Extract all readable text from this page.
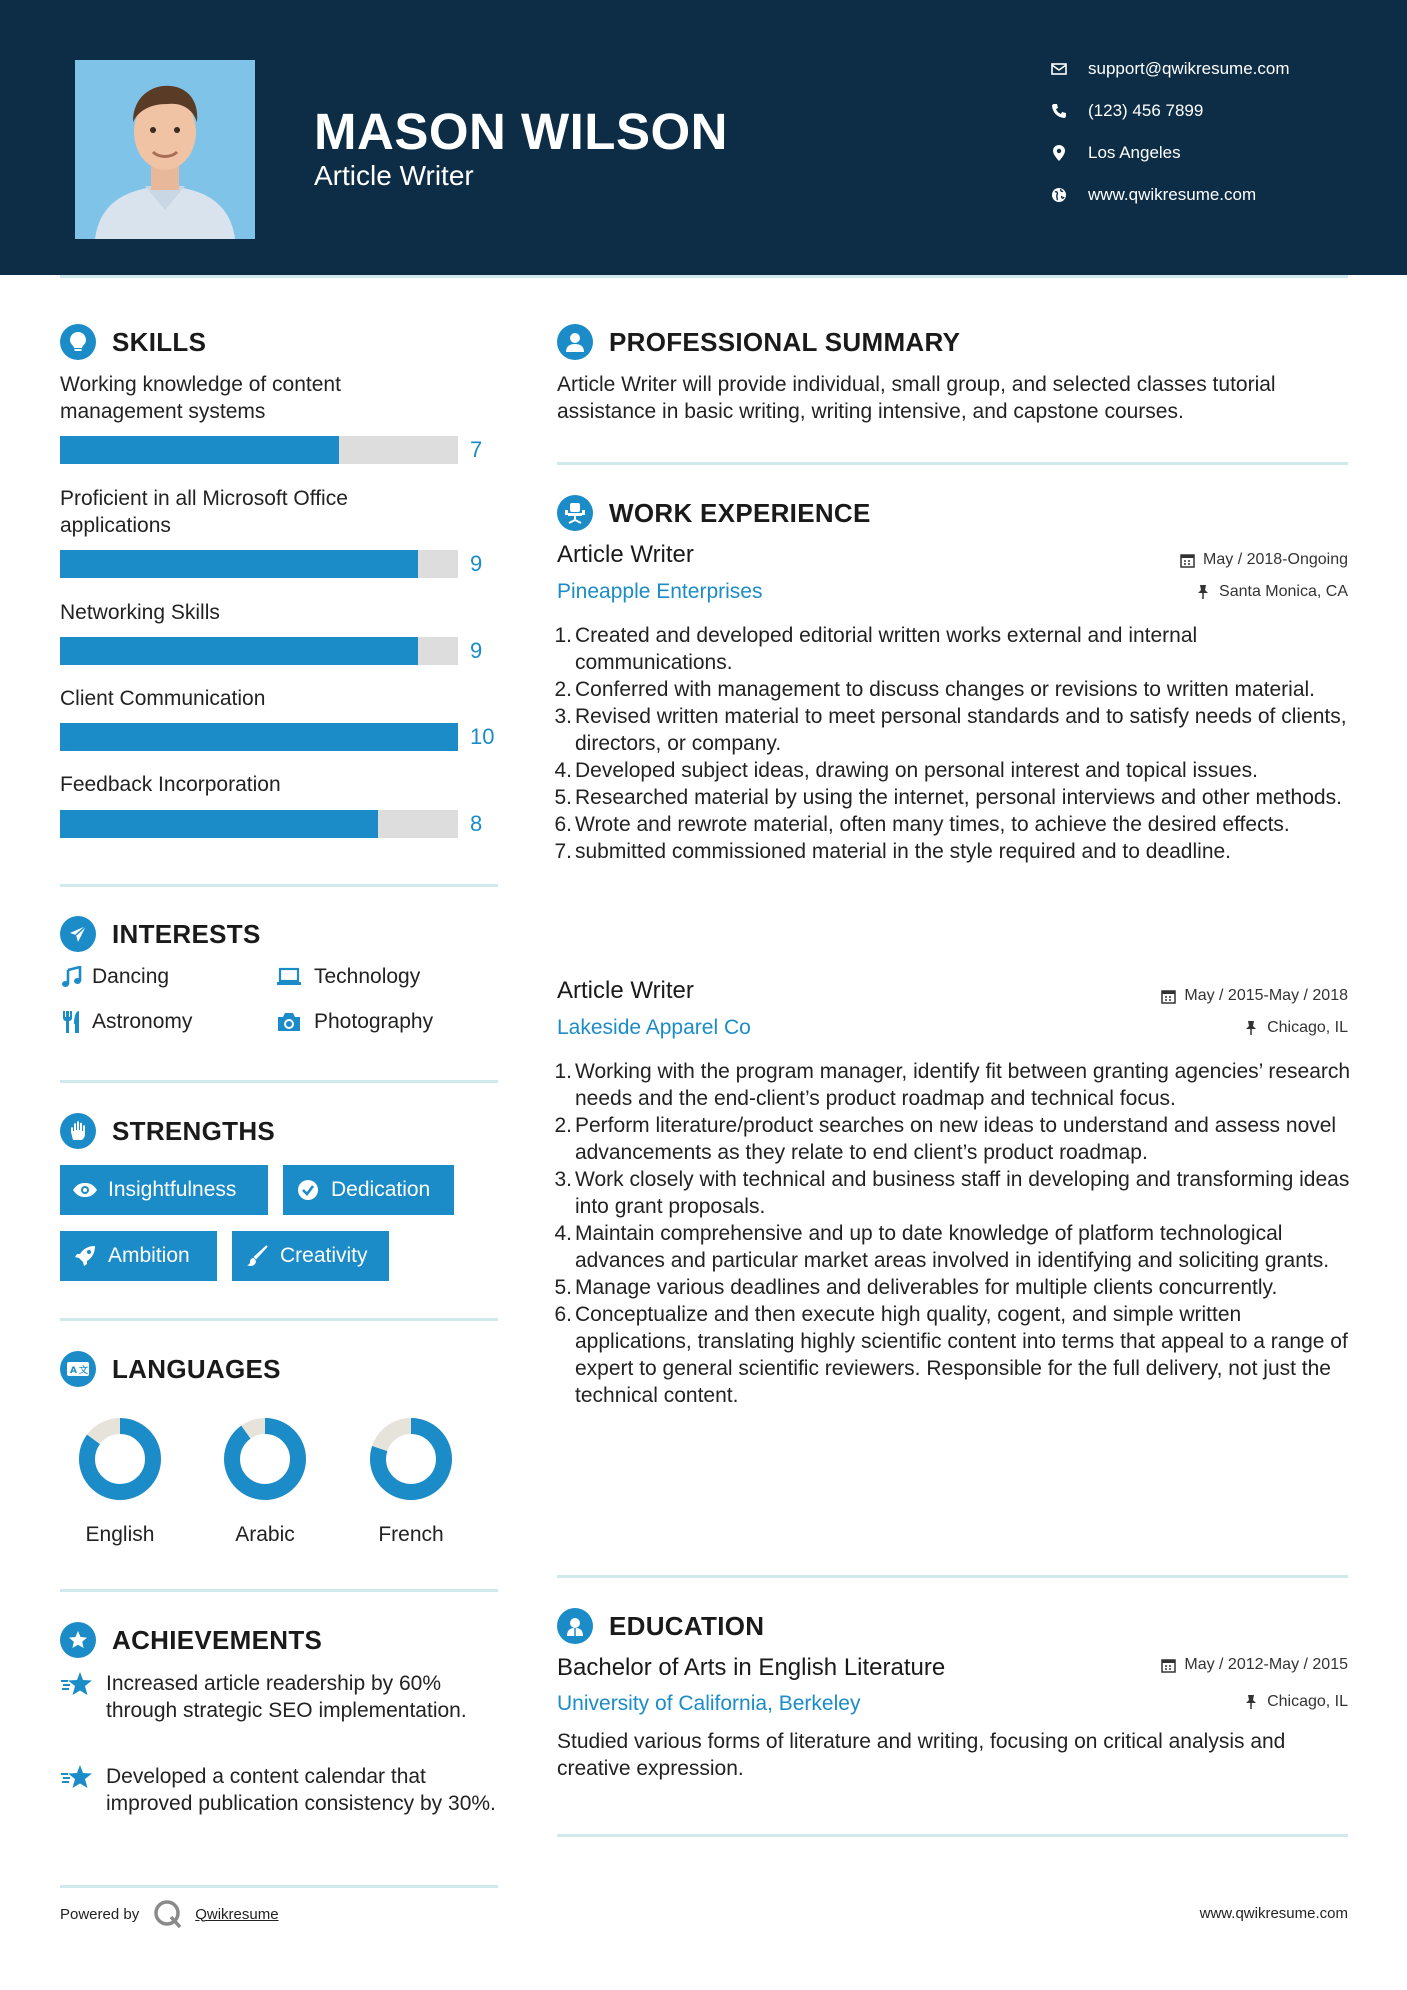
MASON WILSON
Article Writer
support@qwikresume.com
(123) 456 7899
Los Angeles
www.qwikresume.com
SKILLS
Working knowledge of content management systems
7
Proficient in all Microsoft Office applications
9
Networking Skills
9
Client Communication
10
Feedback Incorporation
8
INTERESTS
Dancing	Technology
Astronomy	Photography
STRENGTHS
Insightfulness	Dedication
Ambition	Creativity
A 文 LANGUAGES
English	Arabic	French
ACHIEVEMENTS
Increased article readership by 60% through strategic SEO implementation.
Developed a content calendar that improved publication consistency by 30%.
PROFESSIONAL SUMMARY
Article Writer will provide individual, small group, and selected classes tutorial assistance in basic writing, writing intensive, and capstone courses.
WORK EXPERIENCE
Article Writer	May / 2018-Ongoing
Pineapple Enterprises	Santa Monica, CA
1. Created and developed editorial written works external and internal communications.
2. Conferred with management to discuss changes or revisions to written material.
3. Revised written material to meet personal standards and to satisfy needs of clients, directors, or company.
4. Developed subject ideas, drawing on personal interest and topical issues.
5. Researched material by using the internet, personal interviews and other methods.
6. Wrote and rewrote material, often many times, to achieve the desired effects.
7. submitted commissioned material in the style required and to deadline.
Article Writer	May / 2015-May / 2018
Lakeside Apparel Co	Chicago, IL
1. Working with the program manager, identify fit between granting agencies’ research needs and the end-client’s product roadmap and technical focus.
2. Perform literature/product searches on new ideas to understand and assess novel advancements as they relate to end client’s product roadmap.
3. Work closely with technical and business staff in developing and transforming ideas into grant proposals.
4. Maintain comprehensive and up to date knowledge of platform technological advances and particular market areas involved in identifying and soliciting grants.
5. Manage various deadlines and deliverables for multiple clients concurrently.
6. Conceptualize and then execute high quality, cogent, and simple written applications, translating highly scientific content into terms that appeal to a range of expert to general scientific reviewers. Responsible for the full delivery, not just the technical content.
EDUCATION
Bachelor of Arts in English Literature	May / 2012-May / 2015
University of California, Berkeley	Chicago, IL
Studied various forms of literature and writing, focusing on critical analysis and creative expression.
Powered by	Qwikresume	www.qwikresume.com
